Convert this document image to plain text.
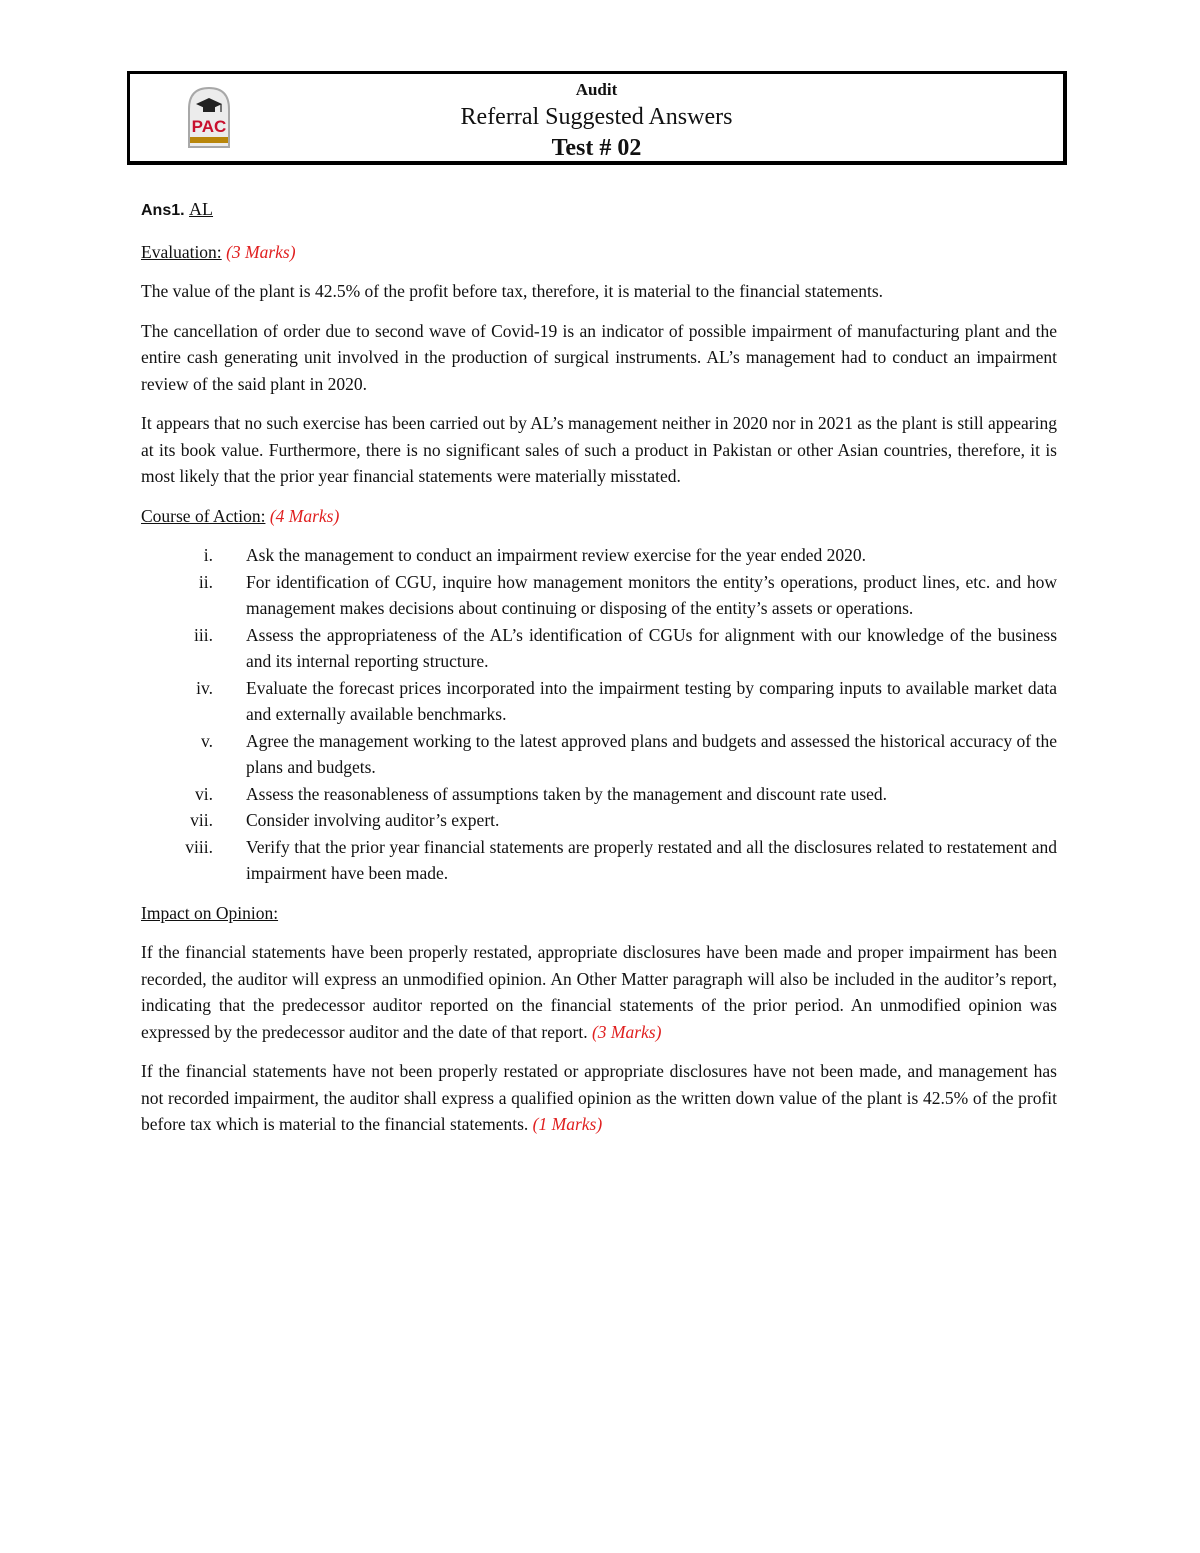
PAC
Audit
Referral Suggested Answers
Test # 02

Ans1. AL

Evaluation: (3 Marks)

The value of the plant is 42.5% of the profit before tax, therefore, it is material to the financial statements.

The cancellation of order due to second wave of Covid-19 is an indicator of possible impairment of manufacturing plant and the entire cash generating unit involved in the production of surgical instruments. AL’s management had to conduct an impairment review of the said plant in 2020.

It appears that no such exercise has been carried out by AL’s management neither in 2020 nor in 2021 as the plant is still appearing at its book value. Furthermore, there is no significant sales of such a product in Pakistan or other Asian countries, therefore, it is most likely that the prior year financial statements were materially misstated.

Course of Action: (4 Marks)

i. Ask the management to conduct an impairment review exercise for the year ended 2020.
ii. For identification of CGU, inquire how management monitors the entity’s operations, product lines, etc. and how management makes decisions about continuing or disposing of the entity’s assets or operations.
iii. Assess the appropriateness of the AL’s identification of CGUs for alignment with our knowledge of the business and its internal reporting structure.
iv. Evaluate the forecast prices incorporated into the impairment testing by comparing inputs to available market data and externally available benchmarks.
v. Agree the management working to the latest approved plans and budgets and assessed the historical accuracy of the plans and budgets.
vi. Assess the reasonableness of assumptions taken by the management and discount rate used.
vii. Consider involving auditor’s expert.
viii. Verify that the prior year financial statements are properly restated and all the disclosures related to restatement and impairment have been made.

Impact on Opinion:

If the financial statements have been properly restated, appropriate disclosures have been made and proper impairment has been recorded, the auditor will express an unmodified opinion. An Other Matter paragraph will also be included in the auditor’s report, indicating that the predecessor auditor reported on the financial statements of the prior period. An unmodified opinion was expressed by the predecessor auditor and the date of that report. (3 Marks)

If the financial statements have not been properly restated or appropriate disclosures have not been made, and management has not recorded impairment, the auditor shall express a qualified opinion as the written down value of the plant is 42.5% of the profit before tax which is material to the financial statements. (1 Marks)
